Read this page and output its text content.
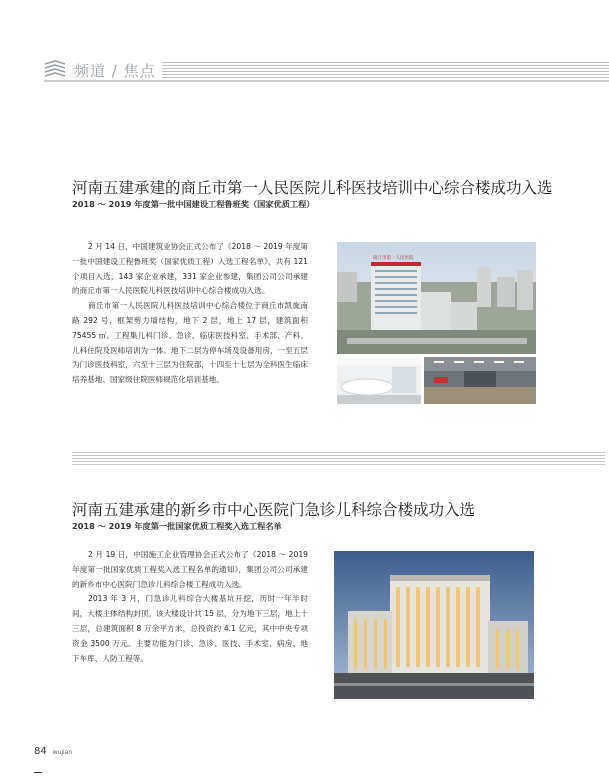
频道 / 焦点
河南五建承建的商丘市第一人民医院儿科医技培训中心综合楼成功入选
2018 ～ 2019 年度第一批中国建设工程鲁班奖（国家优质工程）

2 月 14 日，中国建筑业协会正式公布了《2018 ～ 2019 年度第一批中国建设工程鲁班奖（国家优质工程）入选工程名单》，共有 121 个项目入选，143 家企业承建，331 家企业参建，集团公司公司承建的商丘市第一人民医院儿科医技培训中心综合楼成功入选。

商丘市第一人民医院儿科医技培训中心综合楼位于商丘市凯旋南路 292 号，框架剪力墙结构，地下 2 层，地上 17 层，建筑面积 75455 ㎡。工程集儿科门诊、急诊、临床医技科室、手术部、产科、儿科住院及医师培训为一体。地下二层为停车场及设备用房，一至五层为门诊医技科室，六至十三层为住院部，十四至十七层为全科医生临床培养基地、国家级住院医师规范化培训基地。

商丘市第一人民医院
河南五建承建的新乡市中心医院门急诊儿科综合楼成功入选
2018 ～ 2019 年度第一批国家优质工程奖入选工程名单

2 月 19 日，中国施工企业管理协会正式公布了《2018 ～ 2019 年度第一批国家优质工程奖入选工程名单的通知》，集团公司公司承建的新乡市中心医院门急诊儿科综合楼工程成功入选。

2013 年 3 月，门急诊儿科综合大楼基坑开挖，历时一年半时间，大楼主体结构封顶。该大楼设计共 15 层，分为地下三层，地上十三层，总建筑面积 8 万余平方米，总投资约 4.1 亿元，其中中央专项资金 3500 万元。主要功能为门诊、急诊、医技、手术室、病房、地下车库、人防工程等。

84 wujian
